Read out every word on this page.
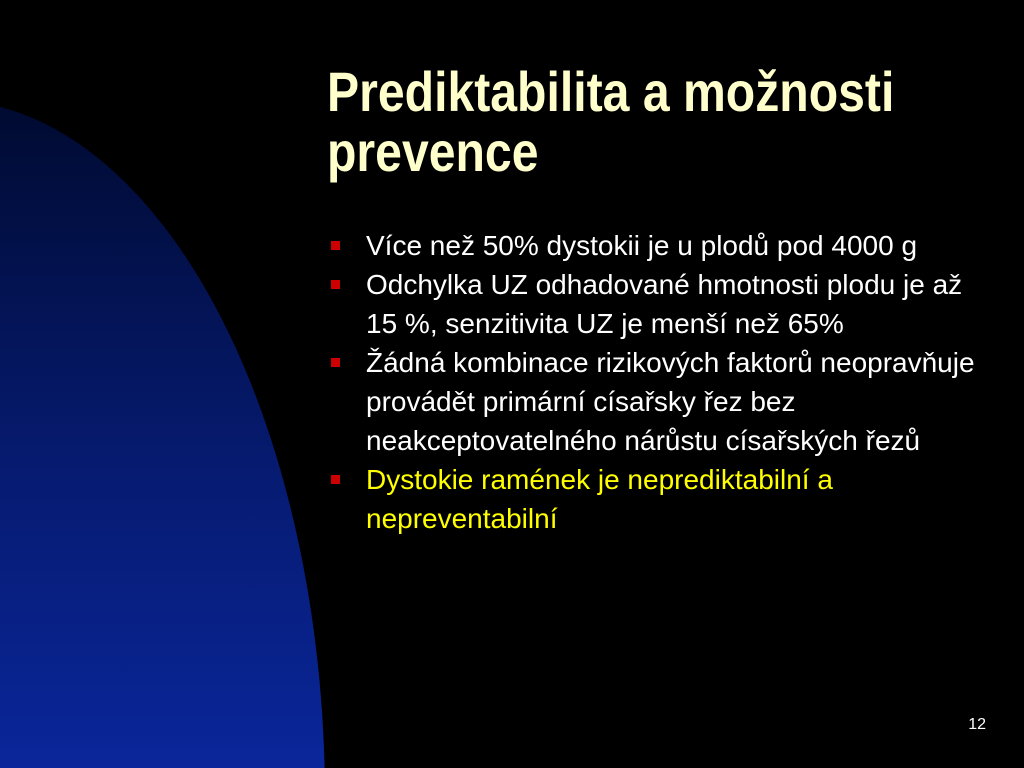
Prediktabilita a možnosti
prevence
Více než 50% dystokii je u plodů pod 4000 g
Odchylka UZ odhadované hmotnosti plodu je až 15 %, senzitivita UZ je menší než 65%
Žádná kombinace rizikových faktorů neopravňuje provádět primární císařsky řez bez neakceptovatelného nárůstu císařských řezů
Dystokie ramének je neprediktabilní a nepreventabilní
12
